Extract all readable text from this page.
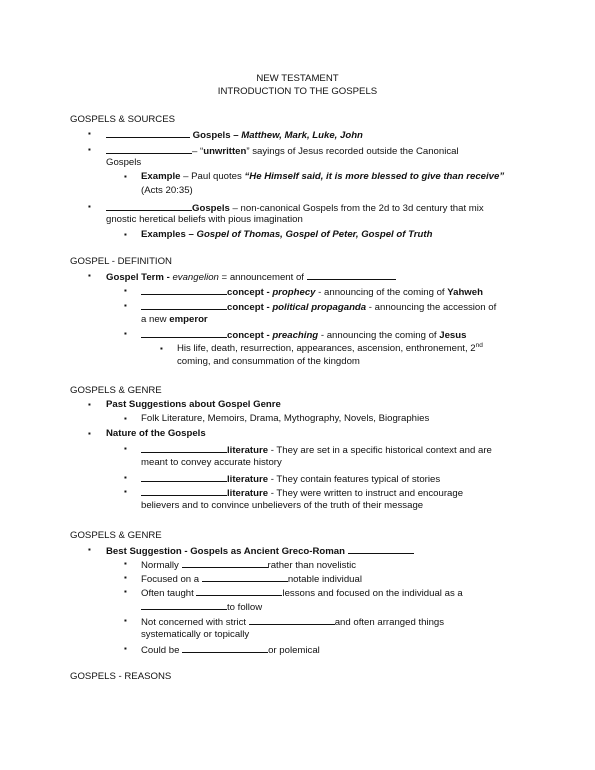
NEW TESTAMENT
INTRODUCTION TO THE GOSPELS
GOSPELS & SOURCES
▪	Gospels – Matthew, Mark, Luke, John
▪	– “unwritten” sayings of Jesus recorded outside the Canonical
Gospels
▪ Example – Paul quotes “He Himself said, it is more blessed to give than receive”
(Acts 20:35)
▪	Gospels – non-canonical Gospels from the 2d to 3d century that mix
gnostic heretical beliefs with pious imagination
▪ Examples – Gospel of Thomas, Gospel of Peter, Gospel of Truth
GOSPEL - DEFINITION
▪ Gospel Term - evangelion = announcement of
▪	concept - prophecy - announcing of the coming of Yahweh
▪	concept - political propaganda - announcing the accession of
a new emperor
▪	concept - preaching - announcing the coming of Jesus
▪ His life, death, resurrection, appearances, ascension, enthronement, 2nd
coming, and consummation of the kingdom
GOSPELS & GENRE
▪ Past Suggestions about Gospel Genre
▪ Folk Literature, Memoirs, Drama, Mythography, Novels, Biographies
▪ Nature of the Gospels
▪	literature - They are set in a specific historical context and are
meant to convey accurate history
▪	literature - They contain features typical of stories
▪	literature - They were written to instruct and encourage
believers and to convince unbelievers of the truth of their message
GOSPELS & GENRE
▪ Best Suggestion - Gospels as Ancient Greco-Roman
▪ Normally	rather than novelistic
▪ Focused on a	notable individual
▪ Often taught	lessons and focused on the individual as a
to follow
▪ Not concerned with strict	and often arranged things
systematically or topically
▪ Could be	or polemical
GOSPELS - REASONS
